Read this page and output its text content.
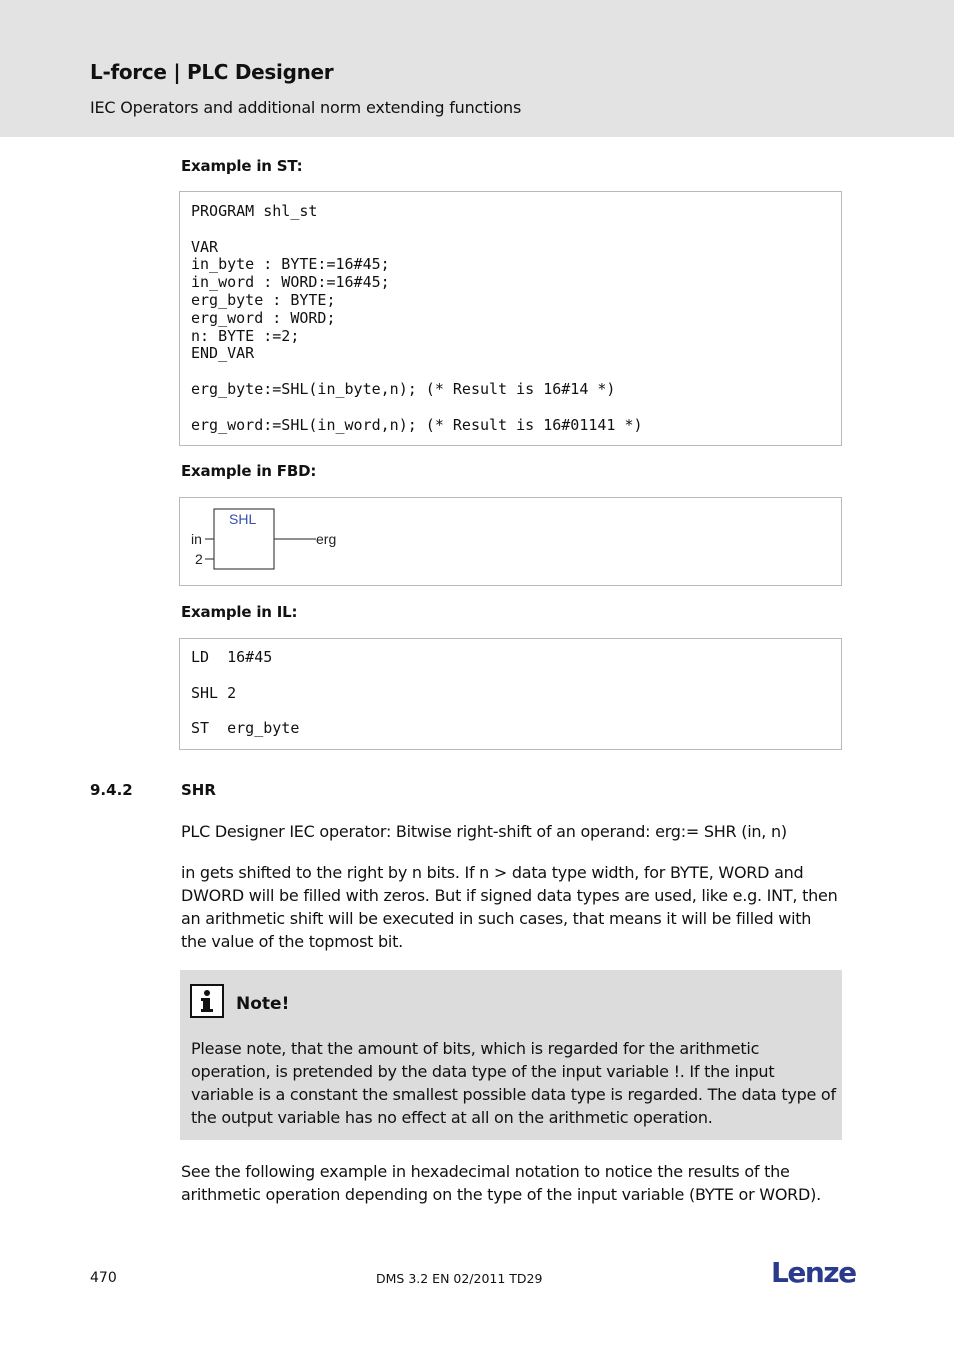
L-force | PLC Designer
IEC Operators and additional norm extending functions
Example in ST:
PROGRAM shl_st

VAR
in_byte : BYTE:=16#45;
in_word : WORD:=16#45;
erg_byte : BYTE;
erg_word : WORD;
n: BYTE :=2;
END_VAR

erg_byte:=SHL(in_byte,n); (* Result is 16#14 *)

erg_word:=SHL(in_word,n); (* Result is 16#01141 *)
Example in FBD:
SHL
in
2
erg
Example in IL:
LD  16#45

SHL 2

ST  erg_byte
9.4.2	SHR
PLC Designer IEC operator: Bitwise right-shift of an operand: erg:= SHR (in, n)
in gets shifted to the right by n bits. If n > data type width, for BYTE, WORD and DWORD will be filled with zeros. But if signed data types are used, like e.g. INT, then an arithmetic shift will be executed in such cases, that means it will be filled with the value of the topmost bit.
Note!
Please note, that the amount of bits, which is regarded for the arithmetic operation, is pretended by the data type of the input variable !. If the input variable is a constant the smallest possible data type is regarded. The data type of the output variable has no effect at all on the arithmetic operation.
See the following example in hexadecimal notation to notice the results of the arithmetic operation depending on the type of the input variable (BYTE or WORD).
470	DMS 3.2 EN 02/2011 TD29	Lenze
